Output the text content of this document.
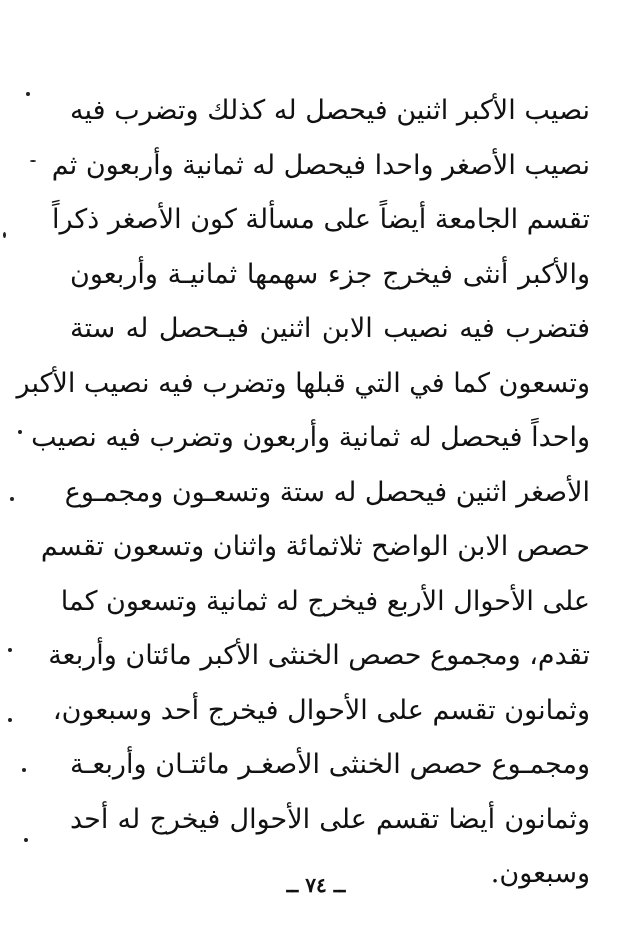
نصيب الأكبر اثنين فيحصل له كذلك وتضرب فيه
نصيب الأصغر واحدا فيحصل له ثمانية وأربعون ثم
تقسم الجامعة أيضاً على مسألة كون الأصغر ذكراً
والأكبر أنثى فيخرج جزء سهمها ثمانيـة وأربعون
فتضرب فيه نصيب الابن اثنين فيـحصل له ستة
وتسعون كما في التي قبلها وتضرب فيه نصيب الأكبر
واحداً فيحصل له ثمانية وأربعون وتضرب فيه نصيب
الأصغر اثنين فيحصل له ستة وتسعـون ومجمـوع
حصص الابن الواضح ثلاثمائة واثنان وتسعون تقسم
على الأحوال الأربع فيخرج له ثمانية وتسعون كما
تقدم، ومجموع حصص الخنثى الأكبر مائتان وأربعة
وثمانون تقسم على الأحوال فيخرج أحد وسبعون،
ومجمـوع حصص الخنثى الأصغـر مائتـان وأربعـة
وثمانون أيضا تقسم على الأحوال فيخرج له أحد
وسبعون.
ــ ٧٤ ــ
